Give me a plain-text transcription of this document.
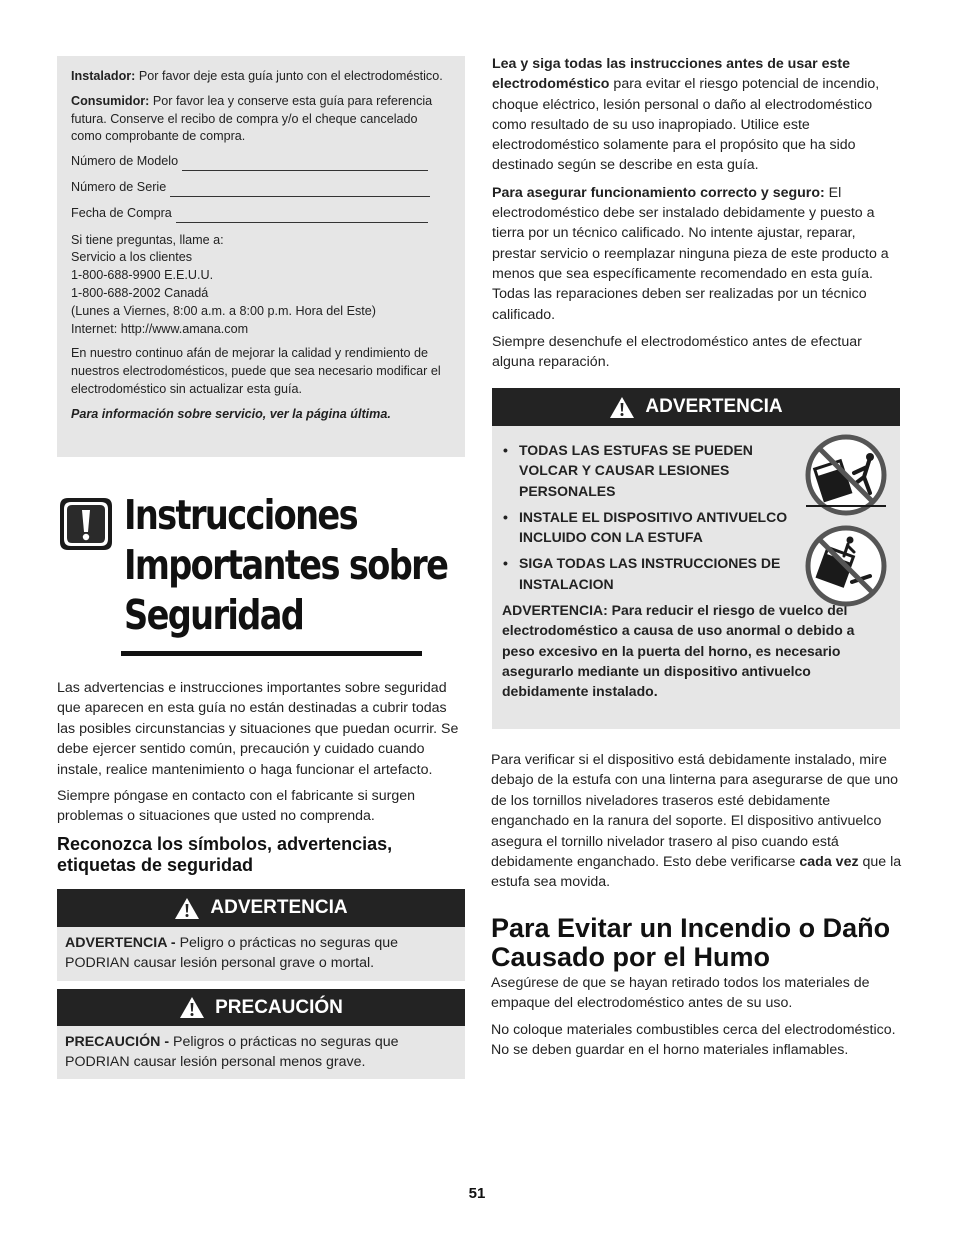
Instalador: Por favor deje esta guía junto con el electrodoméstico.

Consumidor: Por favor lea y conserve esta guía para referencia futura. Conserve el recibo de compra y/o el cheque cancelado como comprobante de compra.

Número de Modelo
Número de Serie
Fecha de Compra

Si tiene preguntas, llame a:
Servicio a los clientes
1-800-688-9900 E.E.U.U.
1-800-688-2002 Canadá
(Lunes a Viernes, 8:00 a.m. a 8:00 p.m. Hora del Este)
Internet: http://www.amana.com

En nuestro continuo afán de mejorar la calidad y rendimiento de nuestros electrodomésticos, puede que sea necesario modificar el electrodoméstico sin actualizar esta guía.

Para información sobre servicio, ver la página última.

Instrucciones
Importantes sobre
Seguridad

Las advertencias e instrucciones importantes sobre seguridad que aparecen en esta guía no están destinadas a cubrir todas las posibles circunstancias y situaciones que puedan ocurrir. Se debe ejercer sentido común, precaución y cuidado cuando instale, realice mantenimiento o haga funcionar el artefacto.

Siempre póngase en contacto con el fabricante si surgen problemas o situaciones que usted no comprenda.

Reconozca los símbolos, advertencias, etiquetas de seguridad
ADVERTENCIA
ADVERTENCIA - Peligro o prácticas no seguras que PODRIAN causar lesión personal grave o mortal.
PRECAUCIÓN
PRECAUCIÓN - Peligros o prácticas no seguras que PODRIAN causar lesión personal menos grave.

Lea y siga todas las instrucciones antes de usar este electrodoméstico para evitar el riesgo potencial de incendio, choque eléctrico, lesión personal o daño al electrodoméstico como resultado de su uso inapropiado. Utilice este electrodoméstico solamente para el propósito que ha sido destinado según se describe en esta guía.

Para asegurar funcionamiento correcto y seguro: El electrodoméstico debe ser instalado debidamente y puesto a tierra por un técnico calificado. No intente ajustar, reparar, prestar servicio o reemplazar ninguna pieza de este producto a menos que sea específicamente recomendado en esta guía. Todas las reparaciones deben ser realizadas por un técnico calificado.

Siempre desenchufe el electrodoméstico antes de efectuar alguna reparación.

ADVERTENCIA
• TODAS LAS ESTUFAS SE PUEDEN VOLCAR Y CAUSAR LESIONES PERSONALES
• INSTALE EL DISPOSITIVO ANTIVUELCO INCLUIDO CON LA ESTUFA
• SIGA TODAS LAS INSTRUCCIONES DE INSTALACION

ADVERTENCIA: Para reducir el riesgo de vuelco del electrodoméstico a causa de uso anormal o debido a peso excesivo en la puerta del horno, es necesario asegurarlo mediante un dispositivo antivuelco debidamente instalado.

Para verificar si el dispositivo está debidamente instalado, mire debajo de la estufa con una linterna para asegurarse de que uno de los tornillos niveladores traseros esté debidamente enganchado en la ranura del soporte. El dispositivo antivuelco asegura el tornillo nivelador trasero al piso cuando está debidamente enganchado. Esto debe verificarse cada vez que la estufa sea movida.

Para Evitar un Incendio o Daño Causado por el Humo

Asegúrese de que se hayan retirado todos los materiales de empaque del electrodoméstico antes de su uso.

No coloque materiales combustibles cerca del electrodoméstico. No se deben guardar en el horno materiales inflamables.

51
